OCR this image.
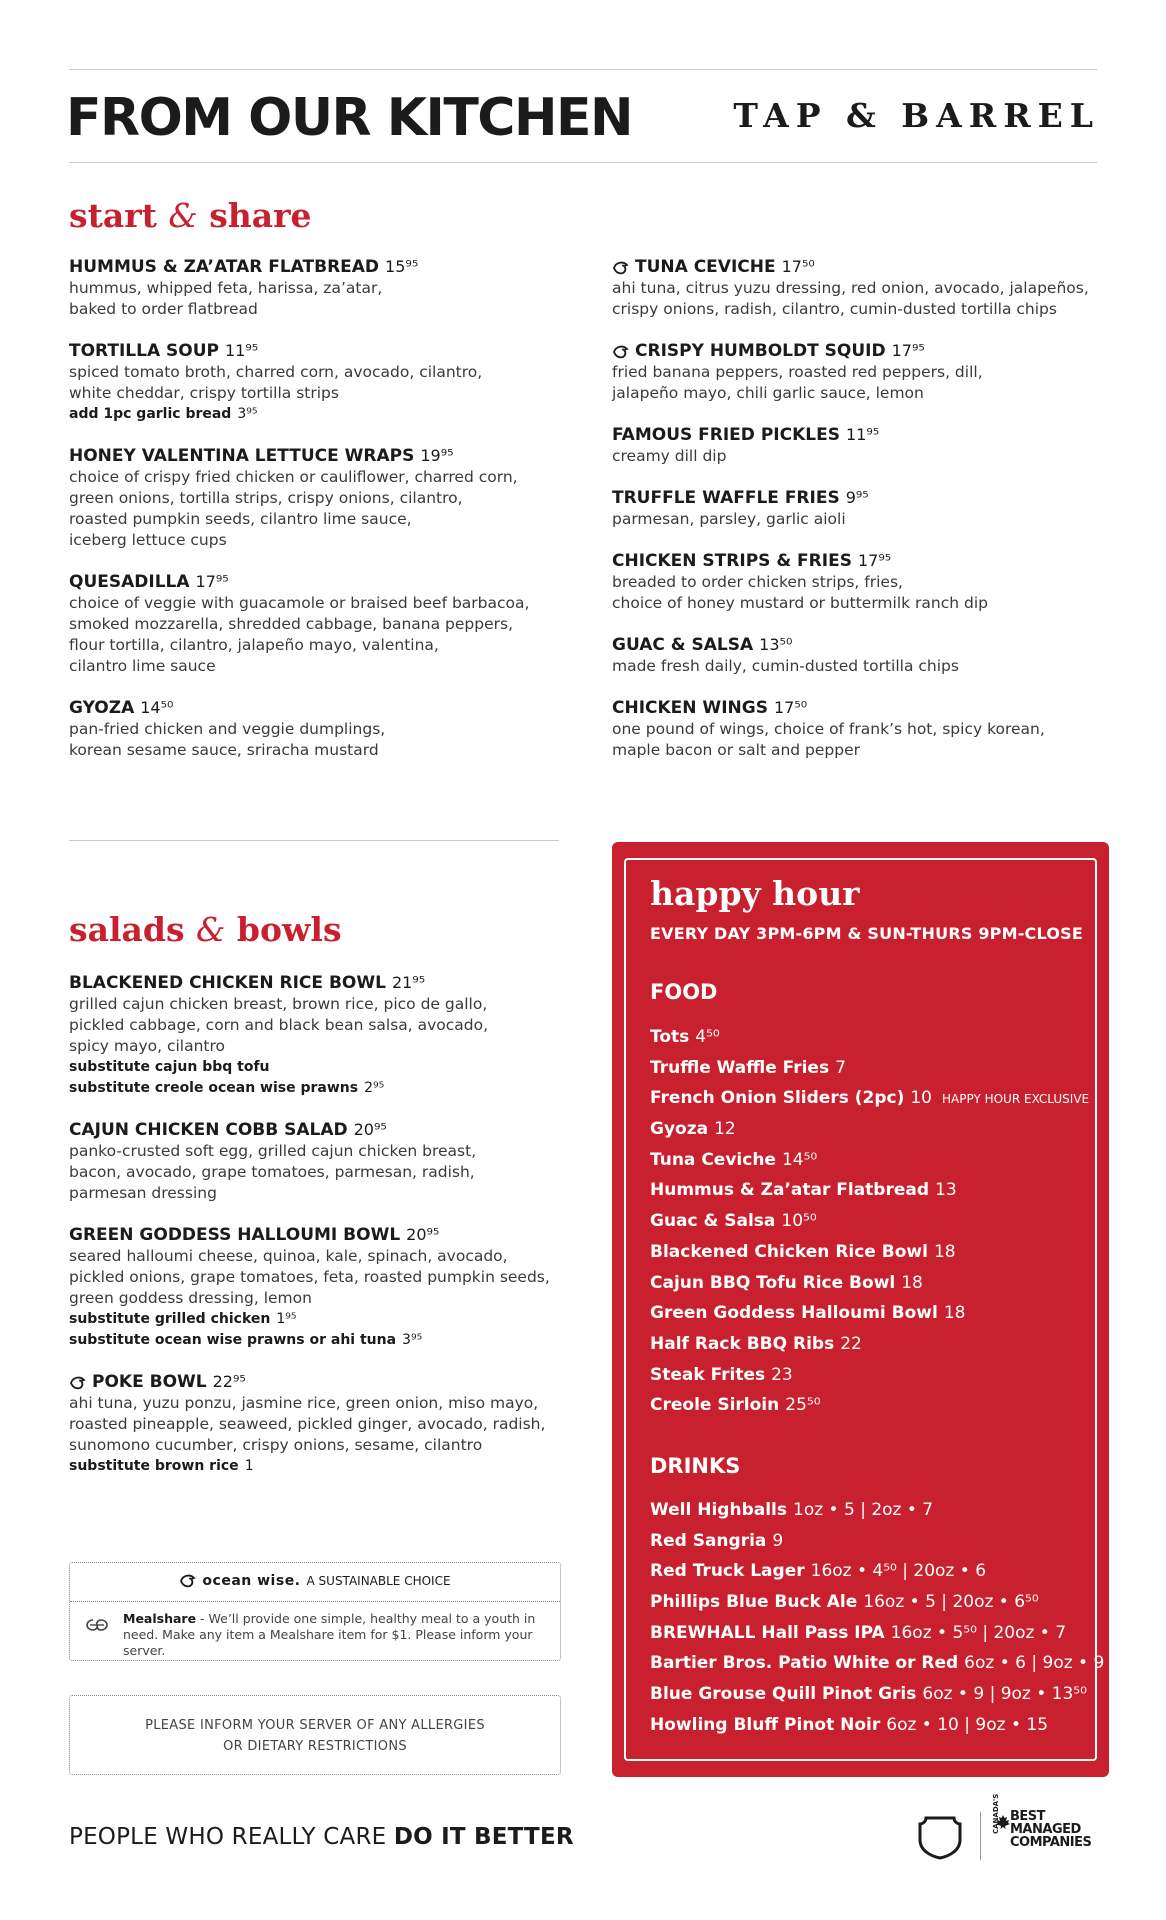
FROM OUR KITCHEN	TAP & BARREL
start & share
HUMMUS & ZA’ATAR FLATBREAD 15⁹⁵
hummus, whipped feta, harissa, za’atar,
baked to order flatbread
TORTILLA SOUP 11⁹⁵
spiced tomato broth, charred corn, avocado, cilantro,
white cheddar, crispy tortilla strips
add 1pc garlic bread 3⁹⁵
HONEY VALENTINA LETTUCE WRAPS 19⁹⁵
choice of crispy fried chicken or cauliflower, charred corn,
green onions, tortilla strips, crispy onions, cilantro,
roasted pumpkin seeds, cilantro lime sauce,
iceberg lettuce cups
QUESADILLA 17⁹⁵
choice of veggie with guacamole or braised beef barbacoa,
smoked mozzarella, shredded cabbage, banana peppers,
flour tortilla, cilantro, jalapeño mayo, valentina,
cilantro lime sauce
GYOZA 14⁵⁰
pan-fried chicken and veggie dumplings,
korean sesame sauce, sriracha mustard
TUNA CEVICHE 17⁵⁰
ahi tuna, citrus yuzu dressing, red onion, avocado, jalapeños,
crispy onions, radish, cilantro, cumin-dusted tortilla chips
CRISPY HUMBOLDT SQUID 17⁹⁵
fried banana peppers, roasted red peppers, dill,
jalapeño mayo, chili garlic sauce, lemon
FAMOUS FRIED PICKLES 11⁹⁵
creamy dill dip
TRUFFLE WAFFLE FRIES 9⁹⁵
parmesan, parsley, garlic aioli
CHICKEN STRIPS & FRIES 17⁹⁵
breaded to order chicken strips, fries,
choice of honey mustard or buttermilk ranch dip
GUAC & SALSA 13⁵⁰
made fresh daily, cumin-dusted tortilla chips
CHICKEN WINGS 17⁵⁰
one pound of wings, choice of frank’s hot, spicy korean,
maple bacon or salt and pepper
salads & bowls
BLACKENED CHICKEN RICE BOWL 21⁹⁵
grilled cajun chicken breast, brown rice, pico de gallo,
pickled cabbage, corn and black bean salsa, avocado,
spicy mayo, cilantro
substitute cajun bbq tofu
substitute creole ocean wise prawns 2⁹⁵
CAJUN CHICKEN COBB SALAD 20⁹⁵
panko-crusted soft egg, grilled cajun chicken breast,
bacon, avocado, grape tomatoes, parmesan, radish,
parmesan dressing
GREEN GODDESS HALLOUMI BOWL 20⁹⁵
seared halloumi cheese, quinoa, kale, spinach, avocado,
pickled onions, grape tomatoes, feta, roasted pumpkin seeds,
green goddess dressing, lemon
substitute grilled chicken 1⁹⁵
substitute ocean wise prawns or ahi tuna 3⁹⁵
POKE BOWL 22⁹⁵
ahi tuna, yuzu ponzu, jasmine rice, green onion, miso mayo,
roasted pineapple, seaweed, pickled ginger, avocado, radish,
sunomono cucumber, crispy onions, sesame, cilantro
substitute brown rice 1
ocean wise. A SUSTAINABLE CHOICE
Mealshare - We’ll provide one simple, healthy meal to a youth in need. Make any item a Mealshare item for $1. Please inform your server.
PLEASE INFORM YOUR SERVER OF ANY ALLERGIES
OR DIETARY RESTRICTIONS
happy hour
EVERY DAY 3PM-6PM & SUN-THURS 9PM-CLOSE
FOOD
Tots 4⁵⁰
Truffle Waffle Fries 7
French Onion Sliders (2pc) 10 HAPPY HOUR EXCLUSIVE
Gyoza 12
Tuna Ceviche 14⁵⁰
Hummus & Za’atar Flatbread 13
Guac & Salsa 10⁵⁰
Blackened Chicken Rice Bowl 18
Cajun BBQ Tofu Rice Bowl 18
Green Goddess Halloumi Bowl 18
Half Rack BBQ Ribs 22
Steak Frites 23
Creole Sirloin 25⁵⁰
DRINKS
Well Highballs 1oz • 5 | 2oz • 7
Red Sangria 9
Red Truck Lager 16oz • 4⁵⁰ | 20oz • 6
Phillips Blue Buck Ale 16oz • 5 | 20oz • 6⁵⁰
BREWHALL Hall Pass IPA 16oz • 5⁵⁰ | 20oz • 7
Bartier Bros. Patio White or Red 6oz • 6 | 9oz • 9
Blue Grouse Quill Pinot Gris 6oz • 9 | 9oz • 13⁵⁰
Howling Bluff Pinot Noir 6oz • 10 | 9oz • 15
PEOPLE WHO REALLY CARE DO IT BETTER
CANADA'S BEST
MANAGED
COMPANIES
